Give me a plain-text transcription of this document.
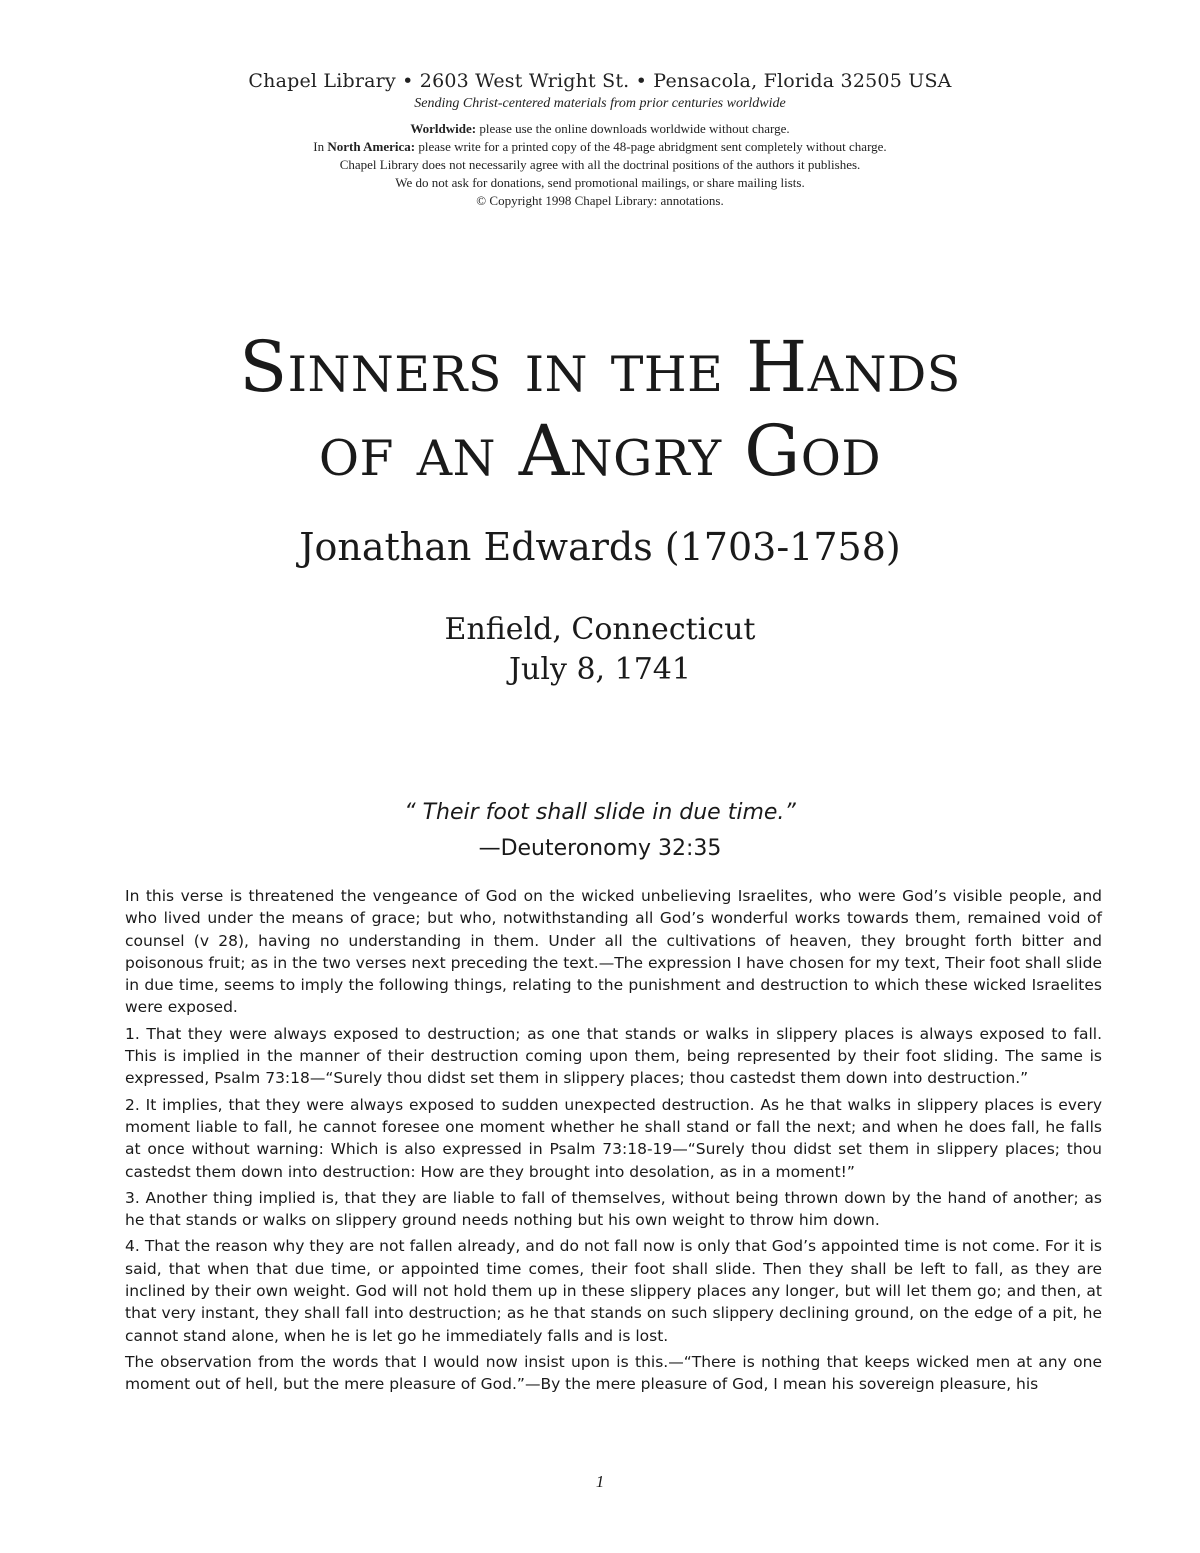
Chapel Library • 2603 West Wright St. • Pensacola, Florida 32505 USA

Sending Christ-centered materials from prior centuries worldwide

Worldwide: please use the online downloads worldwide without charge.

In North America: please write for a printed copy of the 48-page abridgment sent completely without charge.

Chapel Library does not necessarily agree with all the doctrinal positions of the authors it publishes.

We do not ask for donations, send promotional mailings, or share mailing lists.

© Copyright 1998 Chapel Library: annotations.

Sinners in the Hands
of an Angry God
Jonathan Edwards (1703-1758)
Enfield, Connecticut
July 8, 1741
“ Their foot shall slide in due time.”
—Deuteronomy 32:35

In this verse is threatened the vengeance of God on the wicked unbelieving Israelites, who were God’s visible people, and who lived under the means of grace; but who, notwithstanding all God’s wonderful works towards them, remained void of counsel (v 28), having no understanding in them. Under all the cultivations of heaven, they brought forth bitter and poisonous fruit; as in the two verses next preceding the text.—The expression I have chosen for my text, Their foot shall slide in due time, seems to imply the following things, relating to the punishment and destruction to which these wicked Israelites were exposed.

1. That they were always exposed to destruction; as one that stands or walks in slippery places is always exposed to fall. This is implied in the manner of their destruction coming upon them, being represented by their foot sliding. The same is expressed, Psalm 73:18—“Surely thou didst set them in slippery places; thou castedst them down into destruction.”

2. It implies, that they were always exposed to sudden unexpected destruction. As he that walks in slippery places is every moment liable to fall, he cannot foresee one moment whether he shall stand or fall the next; and when he does fall, he falls at once without warning: Which is also expressed in Psalm 73:18-19—“Surely thou didst set them in slippery places; thou castedst them down into destruction: How are they brought into desolation, as in a moment!”

3. Another thing implied is, that they are liable to fall of themselves, without being thrown down by the hand of another; as he that stands or walks on slippery ground needs nothing but his own weight to throw him down.

4. That the reason why they are not fallen already, and do not fall now is only that God’s appointed time is not come. For it is said, that when that due time, or appointed time comes, their foot shall slide. Then they shall be left to fall, as they are inclined by their own weight. God will not hold them up in these slippery places any longer, but will let them go; and then, at that very instant, they shall fall into destruction; as he that stands on such slippery declining ground, on the edge of a pit, he cannot stand alone, when he is let go he immediately falls and is lost.

The observation from the words that I would now insist upon is this.—“There is nothing that keeps wicked men at any one moment out of hell, but the mere pleasure of God.”—By the mere pleasure of God, I mean his sovereign pleasure, his

1
